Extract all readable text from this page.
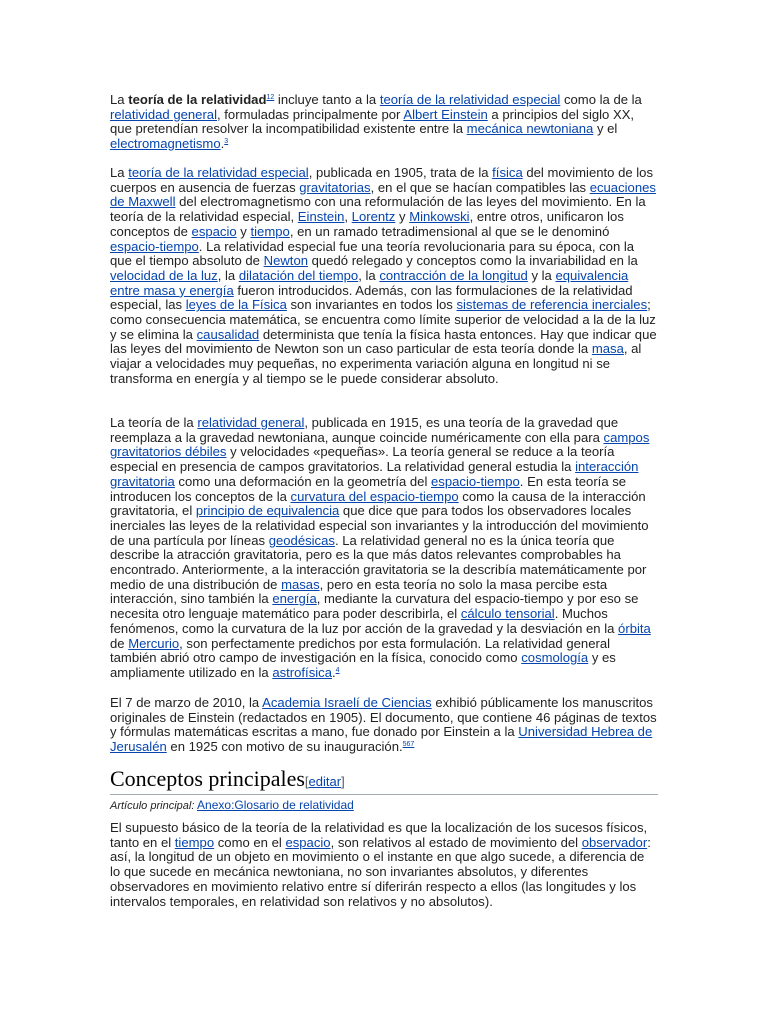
La teoría de la relatividad$^{12}$ incluye tanto a la teoría de la relatividad especial como la de la relatividad general, formuladas principalmente por Albert Einstein a principios del siglo XX, que pretendían resolver la incompatibilidad existente entre la mecánica newtoniana y el electromagnetismo.$^3$

La teoría de la relatividad especial, publicada en 1905, trata de la física del movimiento de los cuerpos en ausencia de fuerzas gravitatorias, en el que se hacían compatibles las ecuaciones de Maxwell del electromagnetismo con una reformulación de las leyes del movimiento. En la teoría de la relatividad especial, Einstein, Lorentz y Minkowski, entre otros, unificaron los conceptos de espacio y tiempo, en un ramado tetradimensional al que se le denominó espacio-tiempo. La relatividad especial fue una teoría revolucionaria para su época, con la que el tiempo absoluto de Newton quedó relegado y conceptos como la invariabilidad en la velocidad de la luz, la dilatación del tiempo, la contracción de la longitud y la equivalencia entre masa y energía fueron introducidos. Además, con las formulaciones de la relatividad especial, las leyes de la Física son invariantes en todos los sistemas de referencia inerciales; como consecuencia matemática, se encuentra como límite superior de velocidad a la de la luz y se elimina la causalidad determinista que tenía la física hasta entonces. Hay que indicar que las leyes del movimiento de Newton son un caso particular de esta teoría donde la masa, al viajar a velocidades muy pequeñas, no experimenta variación alguna en longitud ni se transforma en energía y al tiempo se le puede considerar absoluto.

La teoría de la relatividad general, publicada en 1915, es una teoría de la gravedad que reemplaza a la gravedad newtoniana, aunque coincide numéricamente con ella para campos gravitatorios débiles y velocidades «pequeñas». La teoría general se reduce a la teoría especial en presencia de campos gravitatorios. La relatividad general estudia la interacción gravitatoria como una deformación en la geometría del espacio-tiempo. En esta teoría se introducen los conceptos de la curvatura del espacio-tiempo como la causa de la interacción gravitatoria, el principio de equivalencia que dice que para todos los observadores locales inerciales las leyes de la relatividad especial son invariantes y la introducción del movimiento de una partícula por líneas geodésicas. La relatividad general no es la única teoría que describe la atracción gravitatoria, pero es la que más datos relevantes comprobables ha encontrado. Anteriormente, a la interacción gravitatoria se la describía matemáticamente por medio de una distribución de masas, pero en esta teoría no solo la masa percibe esta interacción, sino también la energía, mediante la curvatura del espacio-tiempo y por eso se necesita otro lenguaje matemático para poder describirla, el cálculo tensorial. Muchos fenómenos, como la curvatura de la luz por acción de la gravedad y la desviación en la órbita de Mercurio, son perfectamente predichos por esta formulación. La relatividad general también abrió otro campo de investigación en la física, conocido como cosmología y es ampliamente utilizado en la astrofísica.$^4$

El 7 de marzo de 2010, la Academia Israelí de Ciencias exhibió públicamente los manuscritos originales de Einstein (redactados en 1905). El documento, que contiene 46 páginas de textos y fórmulas matemáticas escritas a mano, fue donado por Einstein a la Universidad Hebrea de Jerusalén en 1925 con motivo de su inauguración.$^{567}$

Conceptos principales[editar]
Artículo principal: Anexo:Glosario de relatividad

El supuesto básico de la teoría de la relatividad es que la localización de los sucesos físicos, tanto en el tiempo como en el espacio, son relativos al estado de movimiento del observador: así, la longitud de un objeto en movimiento o el instante en que algo sucede, a diferencia de lo que sucede en mecánica newtoniana, no son invariantes absolutos, y diferentes observadores en movimiento relativo entre sí diferirán respecto a ellos (las longitudes y los intervalos temporales, en relatividad son relativos y no absolutos).
